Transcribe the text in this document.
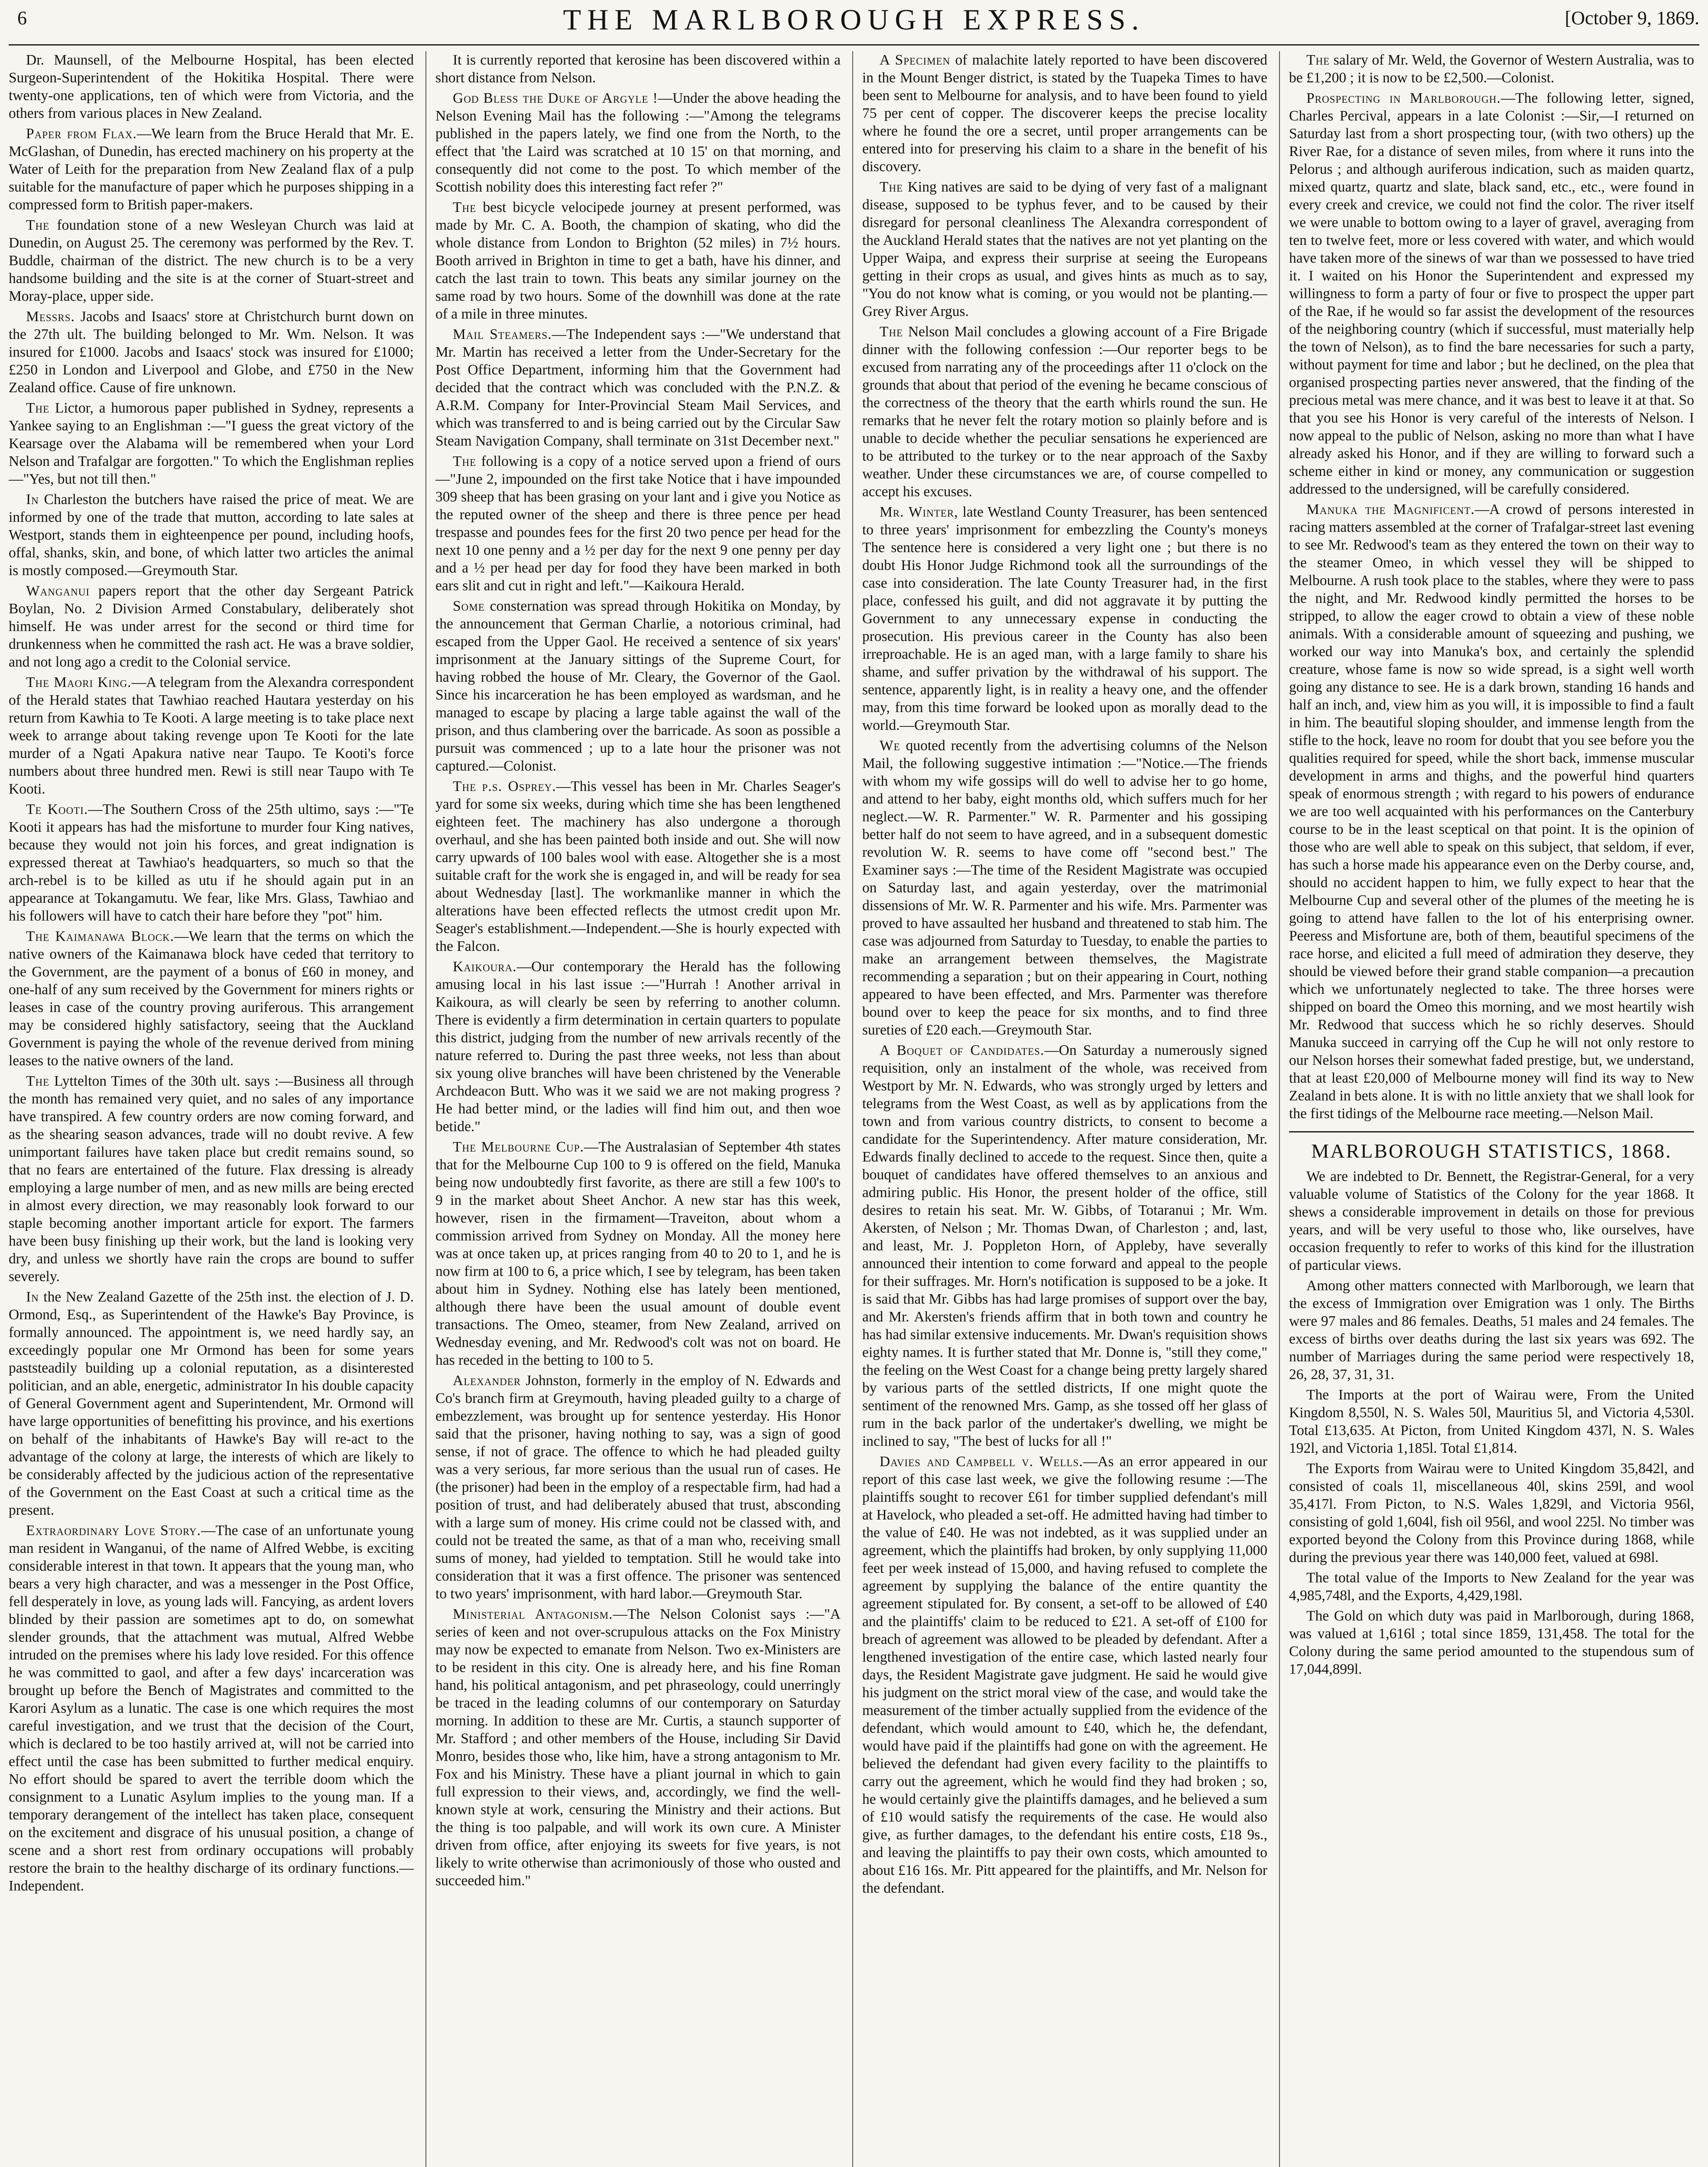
6	THE MARLBOROUGH EXPRESS.	[October 9, 1869.

Dr. Maunsell, of the Melbourne Hospital, has been elected Surgeon-Superintendent of the Hokitika Hospital. There were twenty-one applications, ten of which were from Victoria, and the others from various places in New Zealand.

Paper from Flax.—We learn from the Bruce Herald that Mr. E. McGlashan, of Dunedin, has erected machinery on his property at the Water of Leith for the preparation from New Zealand flax of a pulp suitable for the manufacture of paper which he purposes shipping in a compressed form to British paper-makers.

The foundation stone of a new Wesleyan Church was laid at Dunedin, on August 25. The ceremony was performed by the Rev. T. Buddle, chairman of the district. The new church is to be a very handsome building and the site is at the corner of Stuart-street and Moray-place, upper side.

Messrs. Jacobs and Isaacs' store at Christchurch burnt down on the 27th ult. The building belonged to Mr. Wm. Nelson. It was insured for £1000. Jacobs and Isaacs' stock was insured for £1000; £250 in London and Liverpool and Globe, and £750 in the New Zealand office. Cause of fire unknown.

The Lictor, a humorous paper published in Sydney, represents a Yankee saying to an Englishman :—"I guess the great victory of the Kearsage over the Alabama will be remembered when your Lord Nelson and Trafalgar are forgotten." To which the Englishman replies—"Yes, but not till then."

In Charleston the butchers have raised the price of meat. We are informed by one of the trade that mutton, according to late sales at Westport, stands them in eighteenpence per pound, including hoofs, offal, shanks, skin, and bone, of which latter two articles the animal is mostly composed.—Greymouth Star.

Wanganui papers report that the other day Sergeant Patrick Boylan, No. 2 Division Armed Constabulary, deliberately shot himself. He was under arrest for the second or third time for drunkenness when he committed the rash act. He was a brave soldier, and not long ago a credit to the Colonial service.

The Maori King.—A telegram from the Alexandra correspondent of the Herald states that Tawhiao reached Hautara yesterday on his return from Kawhia to Te Kooti. A large meeting is to take place next week to arrange about taking revenge upon Te Kooti for the late murder of a Ngati Apakura native near Taupo. Te Kooti's force numbers about three hundred men. Rewi is still near Taupo with Te Kooti.

Te Kooti.—The Southern Cross of the 25th ultimo, says :—"Te Kooti it appears has had the misfortune to murder four King natives, because they would not join his forces, and great indignation is expressed thereat at Tawhiao's headquarters, so much so that the arch-rebel is to be killed as utu if he should again put in an appearance at Tokangamutu. We fear, like Mrs. Glass, Tawhiao and his followers will have to catch their hare before they "pot" him.

The Kaimanawa Block.—We learn that the terms on which the native owners of the Kaimanawa block have ceded that territory to the Government, are the payment of a bonus of £60 in money, and one-half of any sum received by the Government for miners rights or leases in case of the country proving auriferous. This arrangement may be considered highly satisfactory, seeing that the Auckland Government is paying the whole of the revenue derived from mining leases to the native owners of the land.

The Lyttelton Times of the 30th ult. says :—Business all through the month has remained very quiet, and no sales of any importance have transpired. A few country orders are now coming forward, and as the shearing season advances, trade will no doubt revive. A few unimportant failures have taken place but credit remains sound, so that no fears are entertained of the future. Flax dressing is already employing a large number of men, and as new mills are being erected in almost every direction, we may reasonably look forward to our staple becoming another important article for export. The farmers have been busy finishing up their work, but the land is looking very dry, and unless we shortly have rain the crops are bound to suffer severely.

In the New Zealand Gazette of the 25th inst. the election of J. D. Ormond, Esq., as Superintendent of the Hawke's Bay Province, is formally announced. The appointment is, we need hardly say, an exceedingly popular one Mr Ormond has been for some years paststeadily building up a colonial reputation, as a disinterested politician, and an able, energetic, administrator In his double capacity of General Government agent and Superintendent, Mr. Ormond will have large opportunities of benefitting his province, and his exertions on behalf of the inhabitants of Hawke's Bay will re-act to the advantage of the colony at large, the interests of which are likely to be considerably affected by the judicious action of the representative of the Government on the East Coast at such a critical time as the present.

Extraordinary Love Story.—The case of an unfortunate young man resident in Wanganui, of the name of Alfred Webbe, is exciting considerable interest in that town. It appears that the young man, who bears a very high character, and was a messenger in the Post Office, fell desperately in love, as young lads will. Fancying, as ardent lovers blinded by their passion are sometimes apt to do, on somewhat slender grounds, that the attachment was mutual, Alfred Webbe intruded on the premises where his lady love resided. For this offence he was committed to gaol, and after a few days' incarceration was brought up before the Bench of Magistrates and committed to the Karori Asylum as a lunatic. The case is one which requires the most careful investigation, and we trust that the decision of the Court, which is declared to be too hastily arrived at, will not be carried into effect until the case has been submitted to further medical enquiry. No effort should be spared to avert the terrible doom which the consignment to a Lunatic Asylum implies to the young man. If a temporary derangement of the intellect has taken place, consequent on the excitement and disgrace of his unusual position, a change of scene and a short rest from ordinary occupations will probably restore the brain to the healthy discharge of its ordinary functions.—Independent.

It is currently reported that kerosine has been discovered within a short distance from Nelson.

God Bless the Duke of Argyle !—Under the above heading the Nelson Evening Mail has the following :—"Among the telegrams published in the papers lately, we find one from the North, to the effect that 'the Laird was scratched at 10 15' on that morning, and consequently did not come to the post. To which member of the Scottish nobility does this interesting fact refer ?"

The best bicycle velocipede journey at present performed, was made by Mr. C. A. Booth, the champion of skating, who did the whole distance from London to Brighton (52 miles) in 7½ hours. Booth arrived in Brighton in time to get a bath, have his dinner, and catch the last train to town. This beats any similar journey on the same road by two hours. Some of the downhill was done at the rate of a mile in three minutes.

Mail Steamers.—The Independent says :—"We understand that Mr. Martin has received a letter from the Under-Secretary for the Post Office Department, informing him that the Government had decided that the contract which was concluded with the P.N.Z. & A.R.M. Company for Inter-Provincial Steam Mail Services, and which was transferred to and is being carried out by the Circular Saw Steam Navigation Company, shall terminate on 31st December next."

The following is a copy of a notice served upon a friend of ours—"June 2, impounded on the first take Notice that i have impounded 309 sheep that has been grasing on your lant and i give you Notice as the reputed owner of the sheep and there is three pence per head trespasse and poundes fees for the first 20 two pence per head for the next 10 one penny and a ½ per day for the next 9 one penny per day and a ½ per head per day for food they have been marked in both ears slit and cut in right and left."—Kaikoura Herald.

Some consternation was spread through Hokitika on Monday, by the announcement that German Charlie, a notorious criminal, had escaped from the Upper Gaol. He received a sentence of six years' imprisonment at the January sittings of the Supreme Court, for having robbed the house of Mr. Cleary, the Governor of the Gaol. Since his incarceration he has been employed as wardsman, and he managed to escape by placing a large table against the wall of the prison, and thus clambering over the barricade. As soon as possible a pursuit was commenced ; up to a late hour the prisoner was not captured.—Colonist.

The p.s. Osprey.—This vessel has been in Mr. Charles Seager's yard for some six weeks, during which time she has been lengthened eighteen feet. The machinery has also undergone a thorough overhaul, and she has been painted both inside and out. She will now carry upwards of 100 bales wool with ease. Altogether she is a most suitable craft for the work she is engaged in, and will be ready for sea about Wednesday [last]. The workmanlike manner in which the alterations have been effected reflects the utmost credit upon Mr. Seager's establishment.—Independent.—She is hourly expected with the Falcon.

Kaikoura.—Our contemporary the Herald has the following amusing local in his last issue :—"Hurrah ! Another arrival in Kaikoura, as will clearly be seen by referring to another column. There is evidently a firm determination in certain quarters to populate this district, judging from the number of new arrivals recently of the nature referred to. During the past three weeks, not less than about six young olive branches will have been christened by the Venerable Archdeacon Butt. Who was it we said we are not making progress ? He had better mind, or the ladies will find him out, and then woe betide."

The Melbourne Cup.—The Australasian of September 4th states that for the Melbourne Cup 100 to 9 is offered on the field, Manuka being now undoubtedly first favorite, as there are still a few 100's to 9 in the market about Sheet Anchor. A new star has this week, however, risen in the firmament—Traveiton, about whom a commission arrived from Sydney on Monday. All the money here was at once taken up, at prices ranging from 40 to 20 to 1, and he is now firm at 100 to 6, a price which, I see by telegram, has been taken about him in Sydney. Nothing else has lately been mentioned, although there have been the usual amount of double event transactions. The Omeo, steamer, from New Zealand, arrived on Wednesday evening, and Mr. Redwood's colt was not on board. He has receded in the betting to 100 to 5.

Alexander Johnston, formerly in the employ of N. Edwards and Co's branch firm at Greymouth, having pleaded guilty to a charge of embezzlement, was brought up for sentence yesterday. His Honor said that the prisoner, having nothing to say, was a sign of good sense, if not of grace. The offence to which he had pleaded guilty was a very serious, far more serious than the usual run of cases. He (the prisoner) had been in the employ of a respectable firm, had had a position of trust, and had deliberately abused that trust, absconding with a large sum of money. His crime could not be classed with, and could not be treated the same, as that of a man who, receiving small sums of money, had yielded to temptation. Still he would take into consideration that it was a first offence. The prisoner was sentenced to two years' imprisonment, with hard labor.—Greymouth Star.

Ministerial Antagonism.—The Nelson Colonist says :—"A series of keen and not over-scrupulous attacks on the Fox Ministry may now be expected to emanate from Nelson. Two ex-Ministers are to be resident in this city. One is already here, and his fine Roman hand, his political antagonism, and pet phraseology, could unerringly be traced in the leading columns of our contemporary on Saturday morning. In addition to these are Mr. Curtis, a staunch supporter of Mr. Stafford ; and other members of the House, including Sir David Monro, besides those who, like him, have a strong antagonism to Mr. Fox and his Ministry. These have a pliant journal in which to gain full expression to their views, and, accordingly, we find the well-known style at work, censuring the Ministry and their actions. But the thing is too palpable, and will work its own cure. A Minister driven from office, after enjoying its sweets for five years, is not likely to write otherwise than acrimoniously of those who ousted and succeeded him."

A Specimen of malachite lately reported to have been discovered in the Mount Benger district, is stated by the Tuapeka Times to have been sent to Melbourne for analysis, and to have been found to yield 75 per cent of copper. The discoverer keeps the precise locality where he found the ore a secret, until proper arrangements can be entered into for preserving his claim to a share in the benefit of his discovery.

The King natives are said to be dying of very fast of a malignant disease, supposed to be typhus fever, and to be caused by their disregard for personal cleanliness The Alexandra correspondent of the Auckland Herald states that the natives are not yet planting on the Upper Waipa, and express their surprise at seeing the Europeans getting in their crops as usual, and gives hints as much as to say, "You do not know what is coming, or you would not be planting.—Grey River Argus.

The Nelson Mail concludes a glowing account of a Fire Brigade dinner with the following confession :—Our reporter begs to be excused from narrating any of the proceedings after 11 o'clock on the grounds that about that period of the evening he became conscious of the correctness of the theory that the earth whirls round the sun. He remarks that he never felt the rotary motion so plainly before and is unable to decide whether the peculiar sensations he experienced are to be attributed to the turkey or to the near approach of the Saxby weather. Under these circumstances we are, of course compelled to accept his excuses.

Mr. Winter, late Westland County Treasurer, has been sentenced to three years' imprisonment for embezzling the County's moneys The sentence here is considered a very light one ; but there is no doubt His Honor Judge Richmond took all the surroundings of the case into consideration. The late County Treasurer had, in the first place, confessed his guilt, and did not aggravate it by putting the Government to any unnecessary expense in conducting the prosecution. His previous career in the County has also been irreproachable. He is an aged man, with a large family to share his shame, and suffer privation by the withdrawal of his support. The sentence, apparently light, is in reality a heavy one, and the offender may, from this time forward be looked upon as morally dead to the world.—Greymouth Star.

We quoted recently from the advertising columns of the Nelson Mail, the following suggestive intimation :—"Notice.—The friends with whom my wife gossips will do well to advise her to go home, and attend to her baby, eight months old, which suffers much for her neglect.—W. R. Parmenter." W. R. Parmenter and his gossiping better half do not seem to have agreed, and in a subsequent domestic revolution W. R. seems to have come off "second best." The Examiner says :—The time of the Resident Magistrate was occupied on Saturday last, and again yesterday, over the matrimonial dissensions of Mr. W. R. Parmenter and his wife. Mrs. Parmenter was proved to have assaulted her husband and threatened to stab him. The case was adjourned from Saturday to Tuesday, to enable the parties to make an arrangement between themselves, the Magistrate recommending a separation ; but on their appearing in Court, nothing appeared to have been effected, and Mrs. Parmenter was therefore bound over to keep the peace for six months, and to find three sureties of £20 each.—Greymouth Star.

A Boquet of Candidates.—On Saturday a numerously signed requisition, only an instalment of the whole, was received from Westport by Mr. N. Edwards, who was strongly urged by letters and telegrams from the West Coast, as well as by applications from the town and from various country districts, to consent to become a candidate for the Superintendency. After mature consideration, Mr. Edwards finally declined to accede to the request. Since then, quite a bouquet of candidates have offered themselves to an anxious and admiring public. His Honor, the present holder of the office, still desires to retain his seat. Mr. W. Gibbs, of Totaranui ; Mr. Wm. Akersten, of Nelson ; Mr. Thomas Dwan, of Charleston ; and, last, and least, Mr. J. Poppleton Horn, of Appleby, have severally announced their intention to come forward and appeal to the people for their suffrages. Mr. Horn's notification is supposed to be a joke. It is said that Mr. Gibbs has had large promises of support over the bay, and Mr. Akersten's friends affirm that in both town and country he has had similar extensive inducements. Mr. Dwan's requisition shows eighty names. It is further stated that Mr. Donne is, "still they come," the feeling on the West Coast for a change being pretty largely shared by various parts of the settled districts, If one might quote the sentiment of the renowned Mrs. Gamp, as she tossed off her glass of rum in the back parlor of the undertaker's dwelling, we might be inclined to say, "The best of lucks for all !"

Davies and Campbell v. Wells.—As an error appeared in our report of this case last week, we give the following resume :—The plaintiffs sought to recover £61 for timber supplied defendant's mill at Havelock, who pleaded a set-off. He admitted having had timber to the value of £40. He was not indebted, as it was supplied under an agreement, which the plaintiffs had broken, by only supplying 11,000 feet per week instead of 15,000, and having refused to complete the agreement by supplying the balance of the entire quantity the agreement stipulated for. By consent, a set-off to be allowed of £40 and the plaintiffs' claim to be reduced to £21. A set-off of £100 for breach of agreement was allowed to be pleaded by defendant. After a lengthened investigation of the entire case, which lasted nearly four days, the Resident Magistrate gave judgment. He said he would give his judgment on the strict moral view of the case, and would take the measurement of the timber actually supplied from the evidence of the defendant, which would amount to £40, which he, the defendant, would have paid if the plaintiffs had gone on with the agreement. He believed the defendant had given every facility to the plaintiffs to carry out the agreement, which he would find they had broken ; so, he would certainly give the plaintiffs damages, and he believed a sum of £10 would satisfy the requirements of the case. He would also give, as further damages, to the defendant his entire costs, £18 9s., and leaving the plaintiffs to pay their own costs, which amounted to about £16 16s. Mr. Pitt appeared for the plaintiffs, and Mr. Nelson for the defendant.

The salary of Mr. Weld, the Governor of Western Australia, was to be £1,200 ; it is now to be £2,500.—Colonist.

Prospecting in Marlborough.—The following letter, signed, Charles Percival, appears in a late Colonist :—Sir,—I returned on Saturday last from a short prospecting tour, (with two others) up the River Rae, for a distance of seven miles, from where it runs into the Pelorus ; and although auriferous indication, such as maiden quartz, mixed quartz, quartz and slate, black sand, etc., etc., were found in every creek and crevice, we could not find the color. The river itself we were unable to bottom owing to a layer of gravel, averaging from ten to twelve feet, more or less covered with water, and which would have taken more of the sinews of war than we possessed to have tried it. I waited on his Honor the Superintendent and expressed my willingness to form a party of four or five to prospect the upper part of the Rae, if he would so far assist the development of the resources of the neighboring country (which if successful, must materially help the town of Nelson), as to find the bare necessaries for such a party, without payment for time and labor ; but he declined, on the plea that organised prospecting parties never answered, that the finding of the precious metal was mere chance, and it was best to leave it at that. So that you see his Honor is very careful of the interests of Nelson. I now appeal to the public of Nelson, asking no more than what I have already asked his Honor, and if they are willing to forward such a scheme either in kind or money, any communication or suggestion addressed to the undersigned, will be carefully considered.

Manuka the Magnificent.—A crowd of persons interested in racing matters assembled at the corner of Trafalgar-street last evening to see Mr. Redwood's team as they entered the town on their way to the steamer Omeo, in which vessel they will be shipped to Melbourne. A rush took place to the stables, where they were to pass the night, and Mr. Redwood kindly permitted the horses to be stripped, to allow the eager crowd to obtain a view of these noble animals. With a considerable amount of squeezing and pushing, we worked our way into Manuka's box, and certainly the splendid creature, whose fame is now so wide spread, is a sight well worth going any distance to see. He is a dark brown, standing 16 hands and half an inch, and, view him as you will, it is impossible to find a fault in him. The beautiful sloping shoulder, and immense length from the stifle to the hock, leave no room for doubt that you see before you the qualities required for speed, while the short back, immense muscular development in arms and thighs, and the powerful hind quarters speak of enormous strength ; with regard to his powers of endurance we are too well acquainted with his performances on the Canterbury course to be in the least sceptical on that point. It is the opinion of those who are well able to speak on this subject, that seldom, if ever, has such a horse made his appearance even on the Derby course, and, should no accident happen to him, we fully expect to hear that the Melbourne Cup and several other of the plumes of the meeting he is going to attend have fallen to the lot of his enterprising owner. Peeress and Misfortune are, both of them, beautiful specimens of the race horse, and elicited a full meed of admiration they deserve, they should be viewed before their grand stable companion—a precaution which we unfortunately neglected to take. The three horses were shipped on board the Omeo this morning, and we most heartily wish Mr. Redwood that success which he so richly deserves. Should Manuka succeed in carrying off the Cup he will not only restore to our Nelson horses their somewhat faded prestige, but, we understand, that at least £20,000 of Melbourne money will find its way to New Zealand in bets alone. It is with no little anxiety that we shall look for the first tidings of the Melbourne race meeting.—Nelson Mail.

MARLBOROUGH STATISTICS, 1868.

We are indebted to Dr. Bennett, the Registrar-General, for a very valuable volume of Statistics of the Colony for the year 1868. It shews a considerable improvement in details on those for previous years, and will be very useful to those who, like ourselves, have occasion frequently to refer to works of this kind for the illustration of particular views.

Among other matters connected with Marlborough, we learn that the excess of Immigration over Emigration was 1 only. The Births were 97 males and 86 females. Deaths, 51 males and 24 females. The excess of births over deaths during the last six years was 692. The number of Marriages during the same period were respectively 18, 26, 28, 37, 31, 31.

The Imports at the port of Wairau were, From the United Kingdom 8,550l, N. S. Wales 50l, Mauritius 5l, and Victoria 4,530l. Total £13,635. At Picton, from United Kingdom 437l, N. S. Wales 192l, and Victoria 1,185l. Total £1,814.

The Exports from Wairau were to United Kingdom 35,842l, and consisted of coals 1l, miscellaneous 40l, skins 259l, and wool 35,417l. From Picton, to N.S. Wales 1,829l, and Victoria 956l, consisting of gold 1,604l, fish oil 956l, and wool 225l. No timber was exported beyond the Colony from this Province during 1868, while during the previous year there was 140,000 feet, valued at 698l.

The total value of the Imports to New Zealand for the year was 4,985,748l, and the Exports, 4,429,198l.

The Gold on which duty was paid in Marlborough, during 1868, was valued at 1,616l ; total since 1859, 131,458. The total for the Colony during the same period amounted to the stupendous sum of 17,044,899l.
